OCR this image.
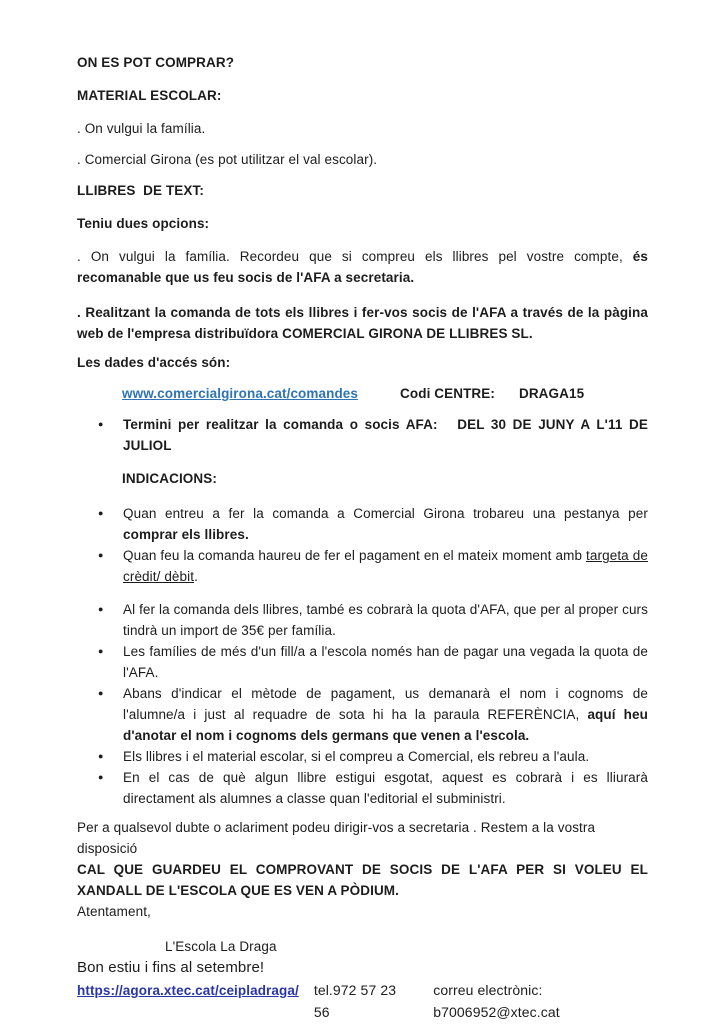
ON ES POT COMPRAR?

MATERIAL ESCOLAR:

. On vulgui la família.

. Comercial Girona (es pot utilitzar el val escolar).

LLIBRES  DE TEXT:

Teniu dues opcions:

. On vulgui la família. Recordeu que si compreu els llibres pel vostre compte, és recomanable que us feu socis de l'AFA a secretaria.

. Realitzant la comanda de tots els llibres i fer-vos socis de l'AFA a través de la pàgina web de l'empresa distribuïdora COMERCIAL GIRONA DE LLIBRES SL.

Les dades d'accés són:

www.comercialgirona.cat/comandes	Codi CENTRE: DRAGA15

● Termini per realitzar la comanda o socis AFA:   DEL 30 DE JUNY A L'11 DE JULIOL

INDICACIONS:

● Quan entreu a fer la comanda a Comercial Girona trobareu una pestanya per comprar els llibres.
● Quan feu la comanda haureu de fer el pagament en el mateix moment amb targeta de crèdit/ dèbit.
● Al fer la comanda dels llibres, també es cobrarà la quota d'AFA, que per al proper curs tindrà un import de 35€ per família.
● Les famílies de més d'un fill/a a l'escola només han de pagar una vegada la quota de l'AFA.
● Abans d'indicar el mètode de pagament, us demanarà el nom i cognoms de l'alumne/a i just al requadre de sota hi ha la paraula REFERÈNCIA, aquí heu d'anotar el nom i cognoms dels germans que venen a l'escola.
● Els llibres i el material escolar, si el compreu a Comercial, els rebreu a l'aula.
● En el cas de què algun llibre estigui esgotat, aquest es cobrarà i es lliurarà directament als alumnes a classe quan l'editorial el subministri.

Per a qualsevol dubte o aclariment podeu dirigir-vos a secretaria . Restem a la vostra disposició
CAL QUE GUARDEU EL COMPROVANT DE SOCIS DE L'AFA PER SI VOLEU EL XANDALL DE L'ESCOLA QUE ES VEN A PÒDIUM.

Atentament,

L'Escola La Draga

Bon estiu i fins al setembre!

https://agora.xtec.cat/ceipladraga/ tel.972 57 23 56
correu electrònic: b7006952@xtec.cat
